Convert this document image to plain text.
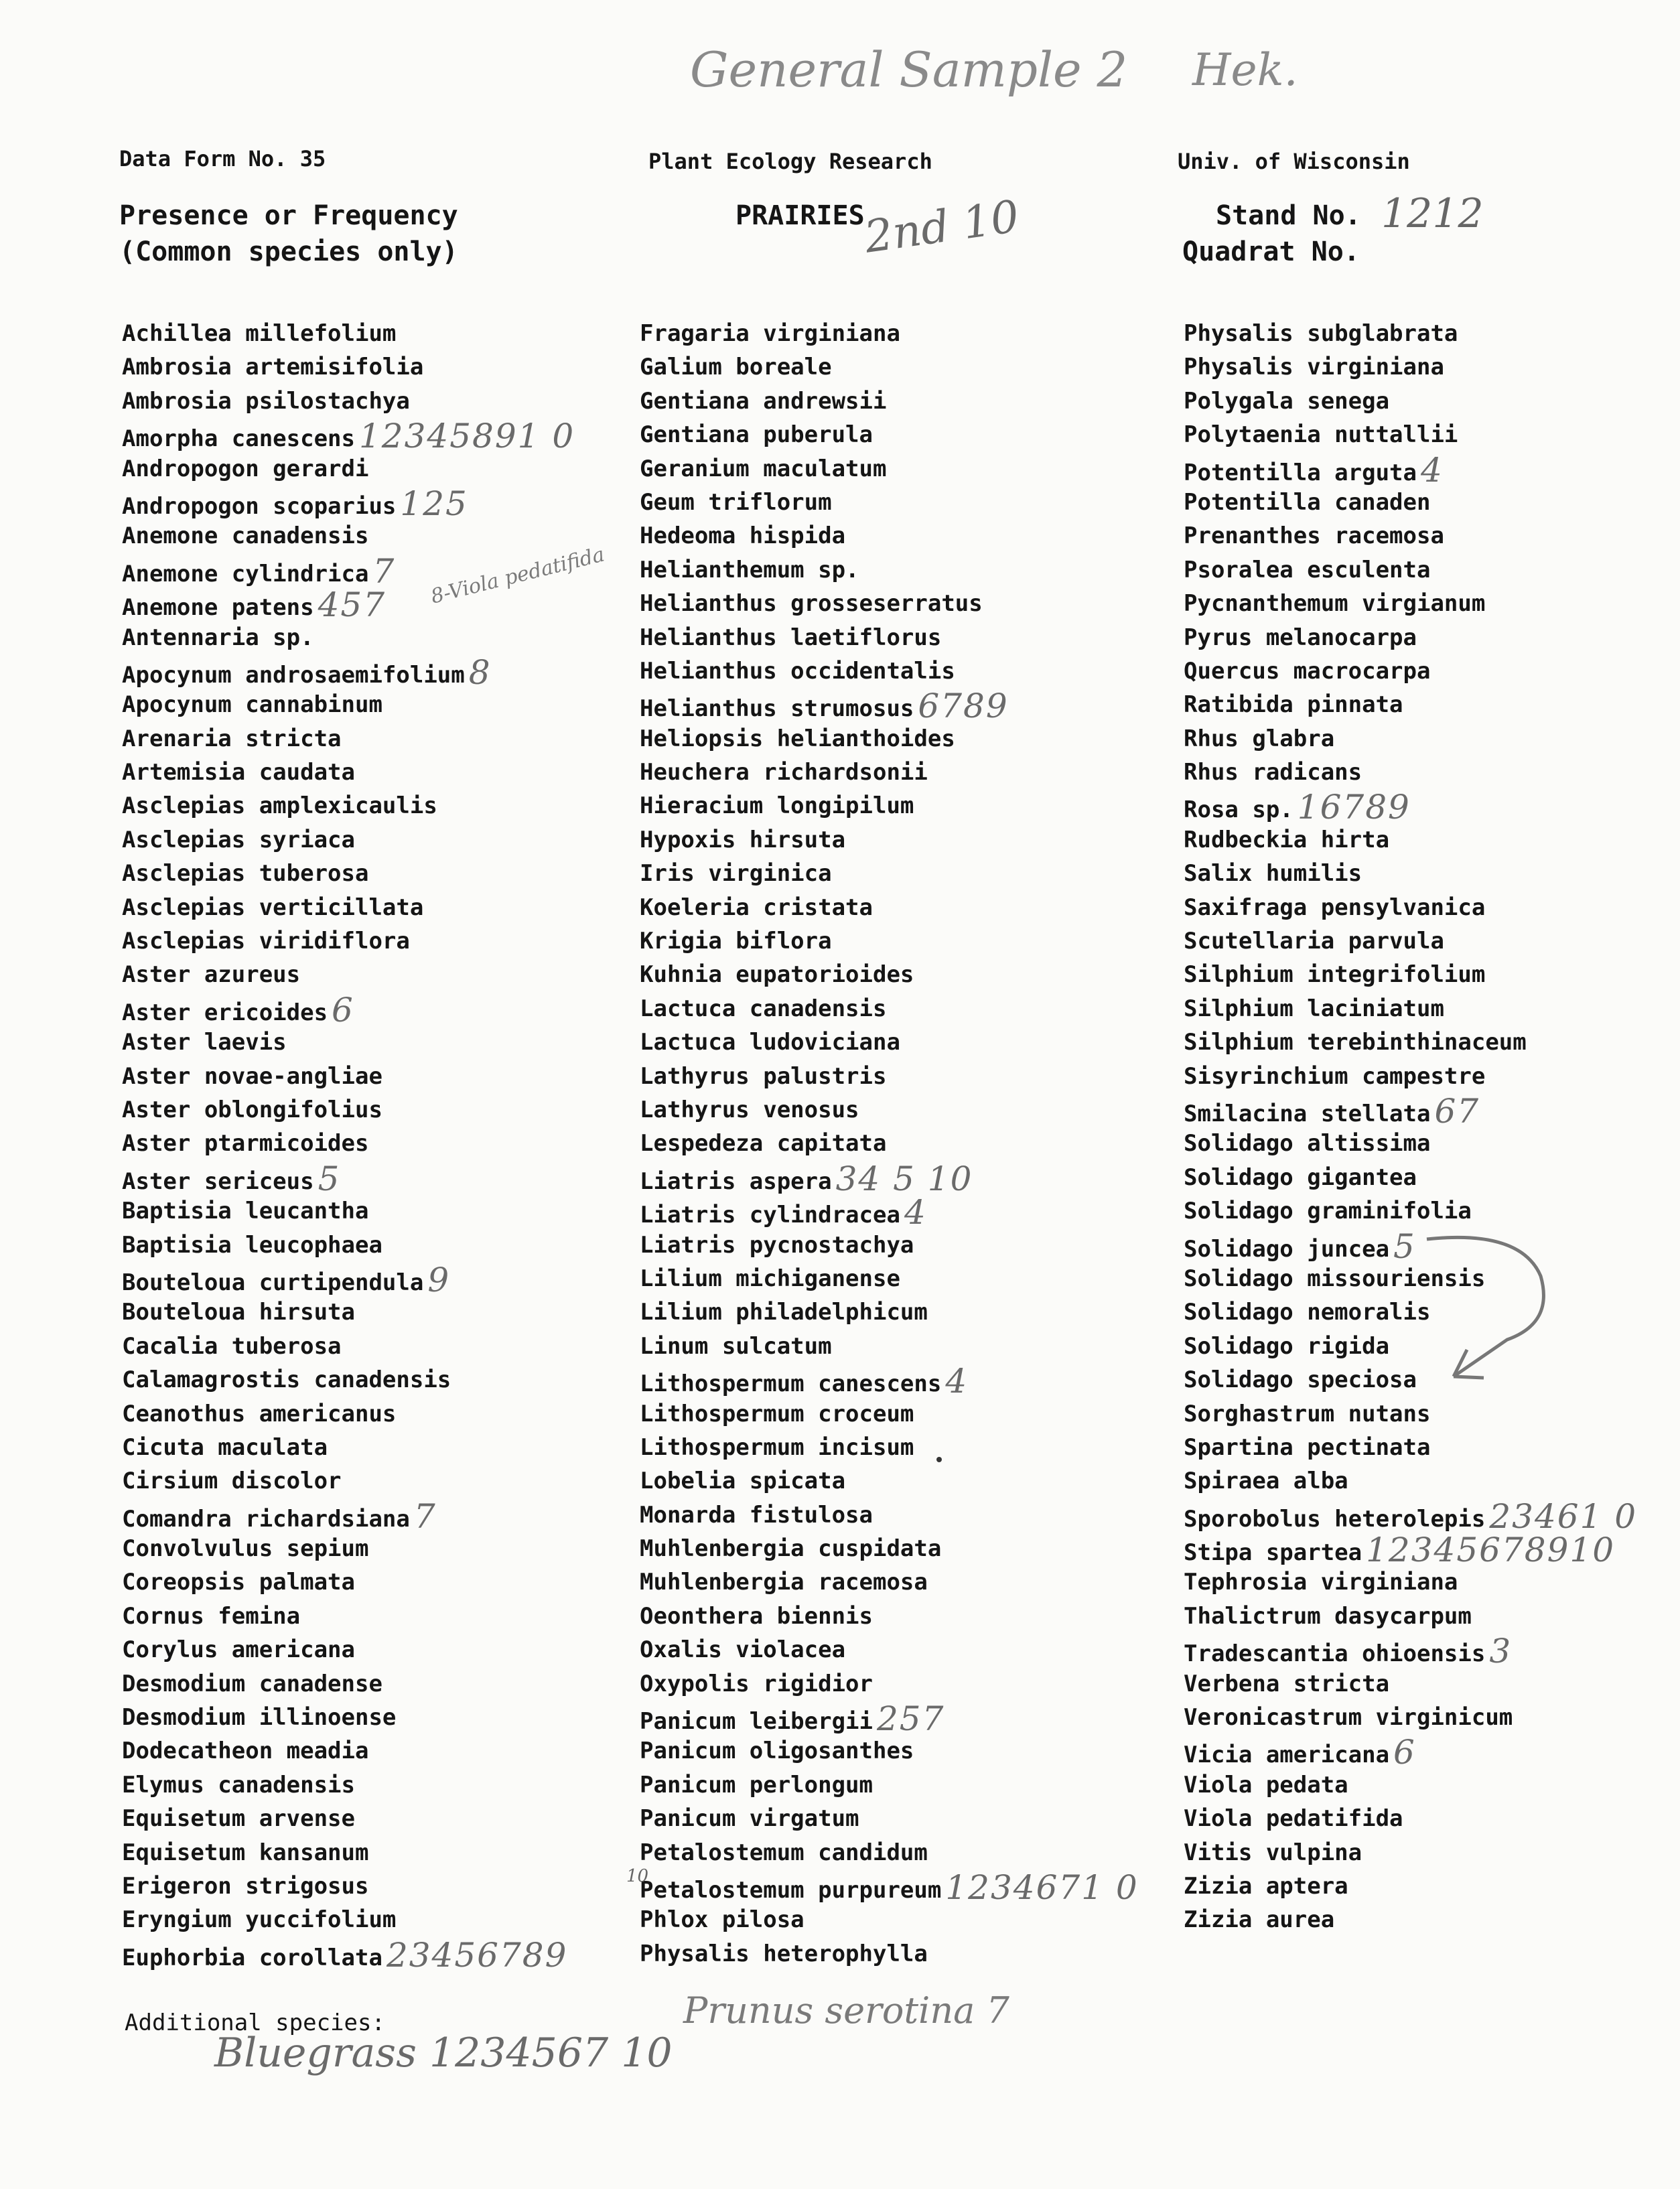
General Sample 2 Hek.
Data Form No. 35	Plant Ecology Research	Univ. of Wisconsin
Presence or Frequency
(Common species only)
PRAIRIES
2nd 10	Stand No. 1212
Quadrat No.
Achillea millefolium
Ambrosia artemisifolia
Ambrosia psilostachya
Amorpha canescens 12345891 0
Andropogon gerardi
Andropogon scoparius 125
Anemone canadensis
Anemone cylindrica 7
Anemone patens 457
Antennaria sp.
Apocynum androsaemifolium 8
Apocynum cannabinum
Arenaria stricta
Artemisia caudata
Asclepias amplexicaulis
Asclepias syriaca
Asclepias tuberosa
Asclepias verticillata
Asclepias viridiflora
Aster azureus
Aster ericoides 6
Aster laevis
Aster novae-angliae
Aster oblongifolius
Aster ptarmicoides
Aster sericeus 5
Baptisia leucantha
Baptisia leucophaea
Bouteloua curtipendula 9
Bouteloua hirsuta
Cacalia tuberosa
Calamagrostis canadensis
Ceanothus americanus
Cicuta maculata
Cirsium discolor
Comandra richardsiana 7
Convolvulus sepium
Coreopsis palmata
Cornus femina
Corylus americana
Desmodium canadense
Desmodium illinoense
Dodecatheon meadia
Elymus canadensis
Equisetum arvense
Equisetum kansanum
Erigeron strigosus
Eryngium yuccifolium
Euphorbia corollata 23456789
Fragaria virginiana
Galium boreale
Gentiana andrewsii
Gentiana puberula
Geranium maculatum
Geum triflorum
Hedeoma hispida
Helianthemum sp.
Helianthus grosseserratus
Helianthus laetiflorus
Helianthus occidentalis
Helianthus strumosus 6789
Heliopsis helianthoides
Heuchera richardsonii
Hieracium longipilum
Hypoxis hirsuta
Iris virginica
Koeleria cristata
Krigia biflora
Kuhnia eupatorioides
Lactuca canadensis
Lactuca ludoviciana
Lathyrus palustris
Lathyrus venosus
Lespedeza capitata
Liatris aspera 34 5 10
Liatris cylindracea 4
Liatris pycnostachya
Lilium michiganense
Lilium philadelphicum
Linum sulcatum
Lithospermum canescens 4
Lithospermum croceum
Lithospermum incisum
Lobelia spicata
Monarda fistulosa
Muhlenbergia cuspidata
Muhlenbergia racemosa
Oeonthera biennis
Oxalis violacea
Oxypolis rigidior
Panicum leibergii 257
Panicum oligosanthes
Panicum perlongum
Panicum virgatum
Petalostemum candidum
Petalostemum purpureum 1234671 0
Phlox pilosa
Physalis heterophylla
Physalis subglabrata
Physalis virginiana
Polygala senega
Polytaenia nuttallii
Potentilla arguta 4
Potentilla canaden
Prenanthes racemosa
Psoralea esculenta
Pycnanthemum virgianum
Pyrus melanocarpa
Quercus macrocarpa
Ratibida pinnata
Rhus glabra
Rhus radicans
Rosa sp. 16789
Rudbeckia hirta
Salix humilis
Saxifraga pensylvanica
Scutellaria parvula
Silphium integrifolium
Silphium laciniatum
Silphium terebinthinaceum
Sisyrinchium campestre
Smilacina stellata 67
Solidago altissima
Solidago gigantea
Solidago graminifolia
Solidago juncea 5
Solidago missouriensis
Solidago nemoralis
Solidago rigida
Solidago speciosa
Sorghastrum nutans
Spartina pectinata
Spiraea alba
Sporobolus heterolepis 23461 0
Stipa spartea 12345678910
Tephrosia virginiana
Thalictrum dasycarpum
Tradescantia ohioensis 3
Verbena stricta
Veronicastrum virginicum
Vicia americana 6
Viola pedata
Viola pedatifida
Vitis vulpina
Zizia aptera
Zizia aurea
8-Viola pedatifida
10
Additional species:	Prunus serotina 7
Bluegrass 1234567 10
